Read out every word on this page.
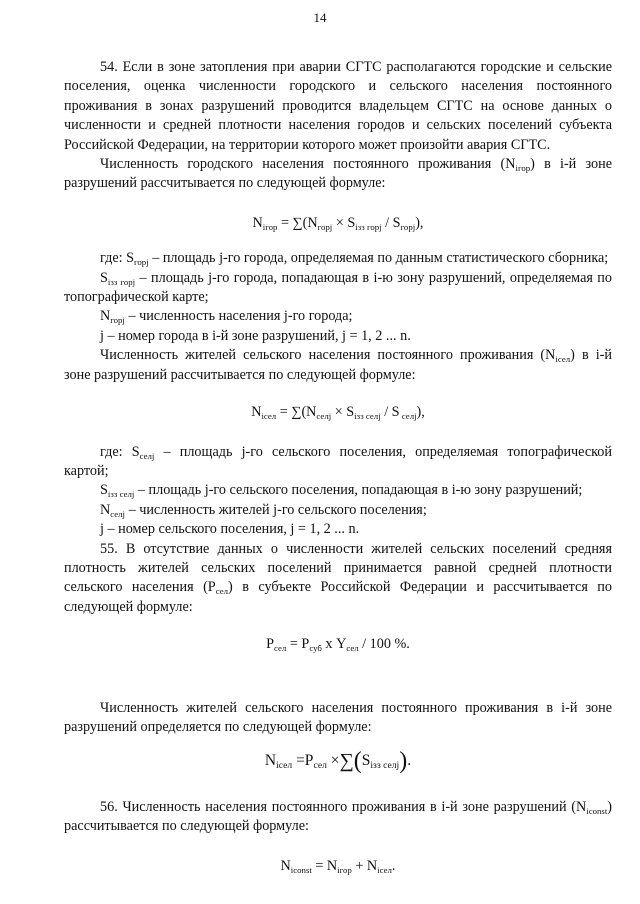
14

54. Если в зоне затопления при аварии СГТС располагаются городские и сельские поселения, оценка численности городского и сельского населения постоянного проживания в зонах разрушений проводится владельцем СГТС на основе данных о численности и средней плотности населения городов и сельских поселений субъекта Российской Федерации, на территории которого может произойти авария СГТС.

Численность городского населения постоянного проживания $(N_{iгор})$ в i-й зоне разрушений рассчитывается по следующей формуле:

$N_{iгор} = \sum(N_{горj} \times S_{iзз горj} / S_{горj})$,

где: $S_{горj}$ – площадь j-го города, определяемая по данным статистического сборника;

$S_{iзз горj}$ – площадь j-го города, попадающая в i-ю зону разрушений, определяемая по топографической карте;

$N_{горj}$ – численность населения j-го города;

j – номер города в i-й зоне разрушений, j = 1, 2 ... n.

Численность жителей сельского населения постоянного проживания $(N_{iсел})$ в i-й зоне разрушений рассчитывается по следующей формуле:

$N_{iсел} = \sum(N_{селj} \times S_{iзз селj} / S$ $_{селj}$),

где: $S_{селj}$ – площадь j-го сельского поселения, определяемая топографической картой;

$S_{iзз селj}$ – площадь j-го сельского поселения, попадающая в i-ю зону разрушений;

$N_{селj}$ – численность жителей j-го сельского поселения;

j – номер сельского поселения, j = 1, 2 ... n.

55. В отсутствие данных о численности жителей сельских поселений средняя плотность жителей сельских поселений принимается равной средней плотности сельского населения $(Р_{сел})$ в субъекте Российской Федерации и рассчитывается по следующей формуле:

$Р_{сел} = Р_{суб}$ х $Y_{сел} / 100$ %.

Численность жителей сельского населения постоянного проживания в i-й зоне разрушений определяется по следующей формуле:

$N_{iсел} =P_{сел} \times\sum(S_{iзз селj})$.

56. Численность населения постоянного проживания в i-й зоне разрушений $(N_{iconst})$ рассчитывается по следующей формуле:

$N_{iconst} = N_{iгор} + N_{iсел}$.
